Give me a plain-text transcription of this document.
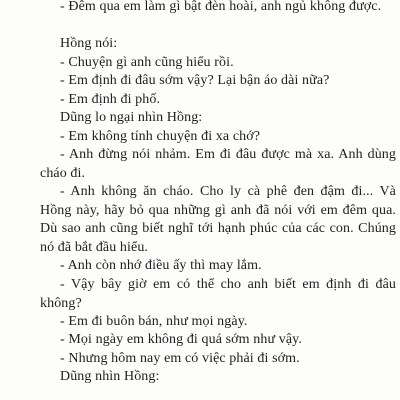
- Đêm qua em làm gì bật đèn hoài, anh ngủ không được.

Hồng nói:

- Chuyện gì anh cũng hiểu rồi.

- Em định đi đâu sớm vậy? Lại bận áo dài nữa?

- Em định đi phố.

Dũng lo ngại nhìn Hồng:

- Em không tính chuyện đi xa chớ?

- Anh đừng nói nhảm. Em đi đâu được mà xa. Anh dùng cháo đi.

- Anh không ăn cháo. Cho ly cà phê đen đậm đi... Và Hồng này, hãy bỏ qua những gì anh đã nói với em đêm qua. Dù sao anh cũng biết nghĩ tới hạnh phúc của các con. Chúng nó đã bắt đầu hiểu.

- Anh còn nhớ điều ấy thì may lắm.

- Vậy bây giờ em có thể cho anh biết em định đi đâu không?

- Em đi buôn bán, như mọi ngày.

- Mọi ngày em không đi quá sớm như vậy.

- Nhưng hôm nay em có việc phải đi sớm.

Dũng nhìn Hồng:
